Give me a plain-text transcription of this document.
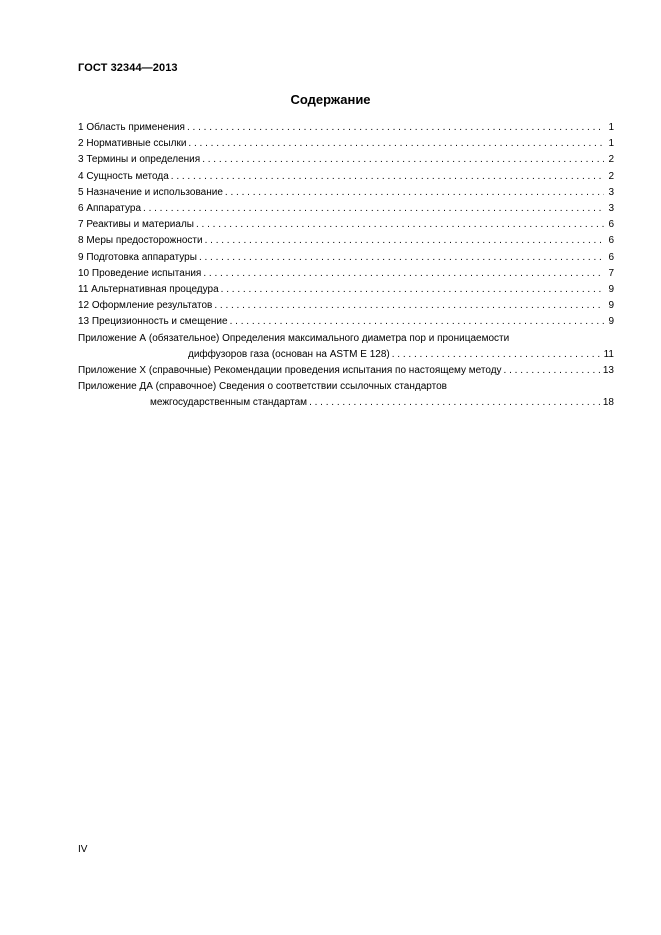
ГОСТ 32344—2013
Содержание
1 Область применения . . .	1
2 Нормативные ссылки . . .	1
3 Термины и определения . . .	2
4 Сущность метода . . .	2
5 Назначение и использование . . .	3
6 Аппаратура . . .	3
7 Реактивы и материалы . . .	6
8 Меры предосторожности . . .	6
9 Подготовка аппаратуры . . .	6
10 Проведение испытания . . .	7
11 Альтернативная процедура . . .	9
12 Оформление результатов . . .	9
13 Прецизионность и смещение . . .	9
Приложение А (обязательное) Определения максимального диаметра пор и проницаемости
диффузоров газа (основан на ASTM E 128) . . .	11
Приложение X (справочные) Рекомендации проведения испытания по настоящему методу . . .	13
Приложение ДА (справочное) Сведения о соответствии ссылочных стандартов
межгосударственным стандартам . . .	18
IV
